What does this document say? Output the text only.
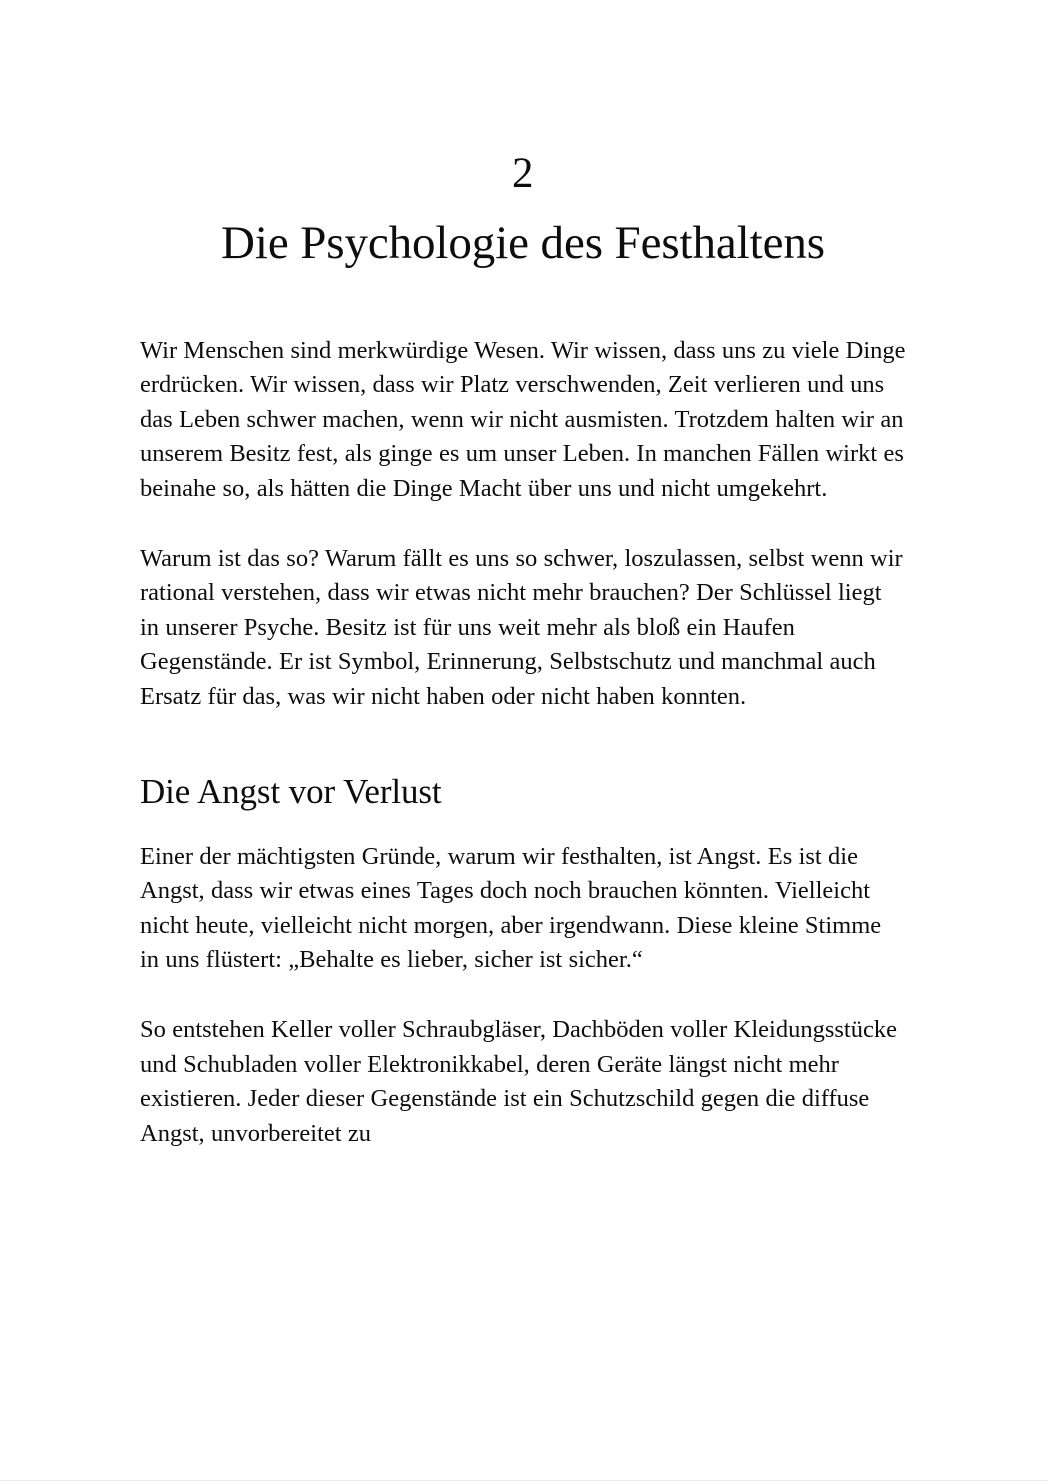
2
Die Psychologie des Festhaltens

Wir Menschen sind merkwürdige Wesen. Wir wissen, dass uns zu viele Dinge erdrücken. Wir wissen, dass wir Platz verschwenden, Zeit verlieren und uns das Leben schwer machen, wenn wir nicht ausmisten. Trotzdem halten wir an unserem Besitz fest, als ginge es um unser Leben. In manchen Fällen wirkt es beinahe so, als hätten die Dinge Macht über uns und nicht umgekehrt.

Warum ist das so? Warum fällt es uns so schwer, loszulassen, selbst wenn wir rational verstehen, dass wir etwas nicht mehr brauchen? Der Schlüssel liegt in unserer Psyche. Besitz ist für uns weit mehr als bloß ein Haufen Gegenstände. Er ist Symbol, Erinnerung, Selbstschutz und manchmal auch Ersatz für das, was wir nicht haben oder nicht haben konnten.

Die Angst vor Verlust

Einer der mächtigsten Gründe, warum wir festhalten, ist Angst. Es ist die Angst, dass wir etwas eines Tages doch noch brauchen könnten. Vielleicht nicht heute, vielleicht nicht morgen, aber irgendwann. Diese kleine Stimme in uns flüstert: „Behalte es lieber, sicher ist sicher.“

So entstehen Keller voller Schraubgläser, Dachböden voller Kleidungsstücke und Schubladen voller Elektronikkabel, deren Geräte längst nicht mehr existieren. Jeder dieser Gegenstände ist ein Schutzschild gegen die diffuse Angst, unvorbereitet zu
